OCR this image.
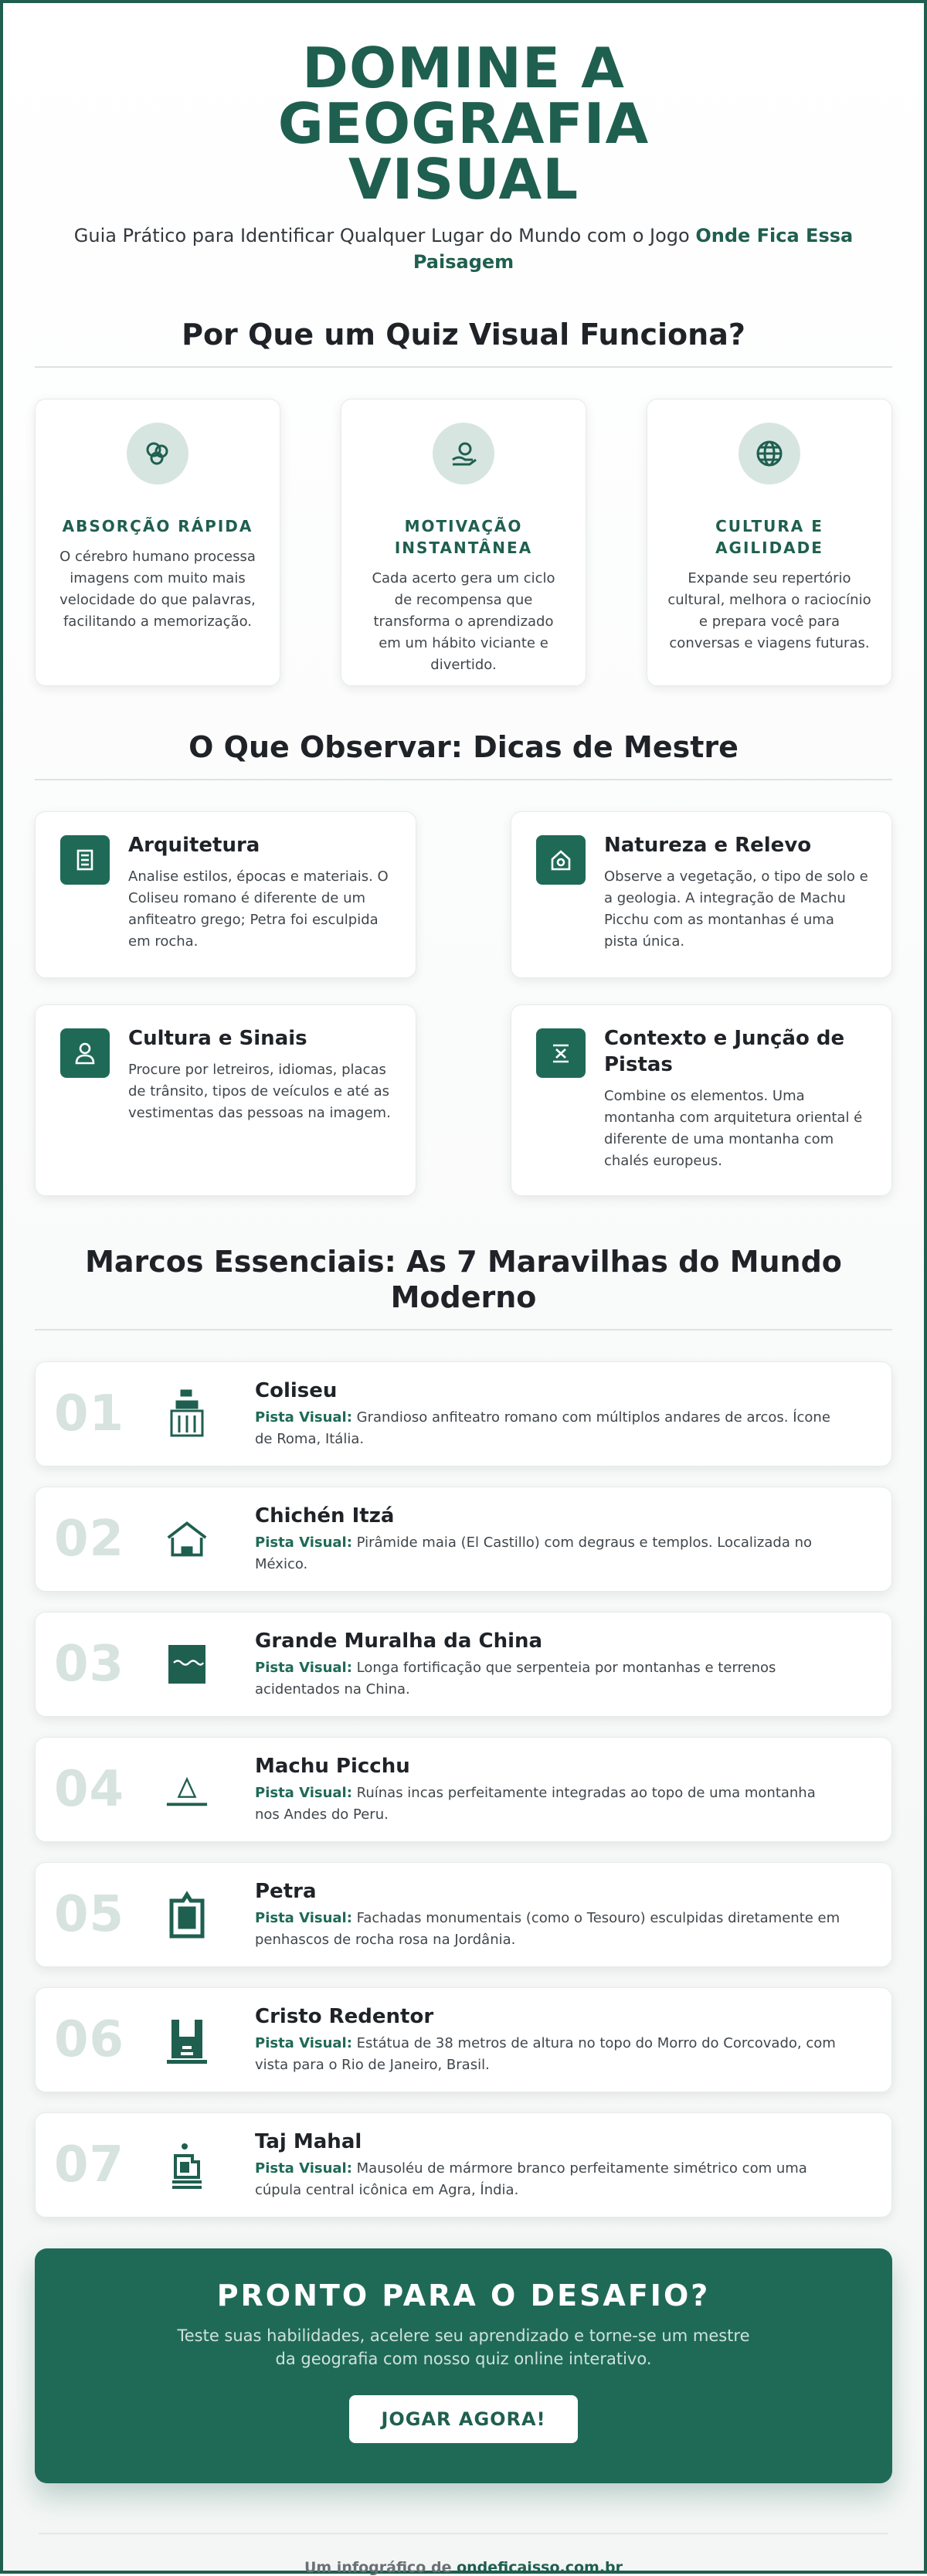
DOMINE A GEOGRAFIA VISUAL

Guia Prático para Identificar Qualquer Lugar do Mundo com o Jogo Onde Fica Essa Paisagem

Por Que um Quiz Visual Funciona?
ABSORÇÃO RÁPIDA
O cérebro humano processa imagens com muito mais velocidade do que palavras, facilitando a memorização.
MOTIVAÇÃO INSTANTÂNEA
Cada acerto gera um ciclo de recompensa que transforma o aprendizado em um hábito viciante e divertido.
CULTURA E AGILIDADE
Expande seu repertório cultural, melhora o raciocínio e prepara você para conversas e viagens futuras.
O Que Observar: Dicas de Mestre
Arquitetura
Analise estilos, épocas e materiais. O Coliseu romano é diferente de um anfiteatro grego; Petra foi esculpida em rocha.
Natureza e Relevo
Observe a vegetação, o tipo de solo e a geologia. A integração de Machu Picchu com as montanhas é uma pista única.
Cultura e Sinais
Procure por letreiros, idiomas, placas de trânsito, tipos de veículos e até as vestimentas das pessoas na imagem.
Contexto e Junção de Pistas
Combine os elementos. Uma montanha com arquitetura oriental é diferente de uma montanha com chalés europeus.
Marcos Essenciais: As 7 Maravilhas do Mundo Moderno
01	Coliseu
Pista Visual: Grandioso anfiteatro romano com múltiplos andares de arcos. Ícone de Roma, Itália.
02	Chichén Itzá
Pista Visual: Pirâmide maia (El Castillo) com degraus e templos. Localizada no México.
03	Grande Muralha da China
Pista Visual: Longa fortificação que serpenteia por montanhas e terrenos acidentados na China.
04	Machu Picchu
Pista Visual: Ruínas incas perfeitamente integradas ao topo de uma montanha nos Andes do Peru.
05	Petra
Pista Visual: Fachadas monumentais (como o Tesouro) esculpidas diretamente em penhascos de rocha rosa na Jordânia.
06	Cristo Redentor
Pista Visual: Estátua de 38 metros de altura no topo do Morro do Corcovado, com vista para o Rio de Janeiro, Brasil.
07	Taj Mahal
Pista Visual: Mausoléu de mármore branco perfeitamente simétrico com uma cúpula central icônica em Agra, Índia.
PRONTO PARA O DESAFIO?
Teste suas habilidades, acelere seu aprendizado e torne-se um mestre da geografia com nosso quiz online interativo.
JOGAR AGORA!
Um infográfico de ondeficaisso.com.br
